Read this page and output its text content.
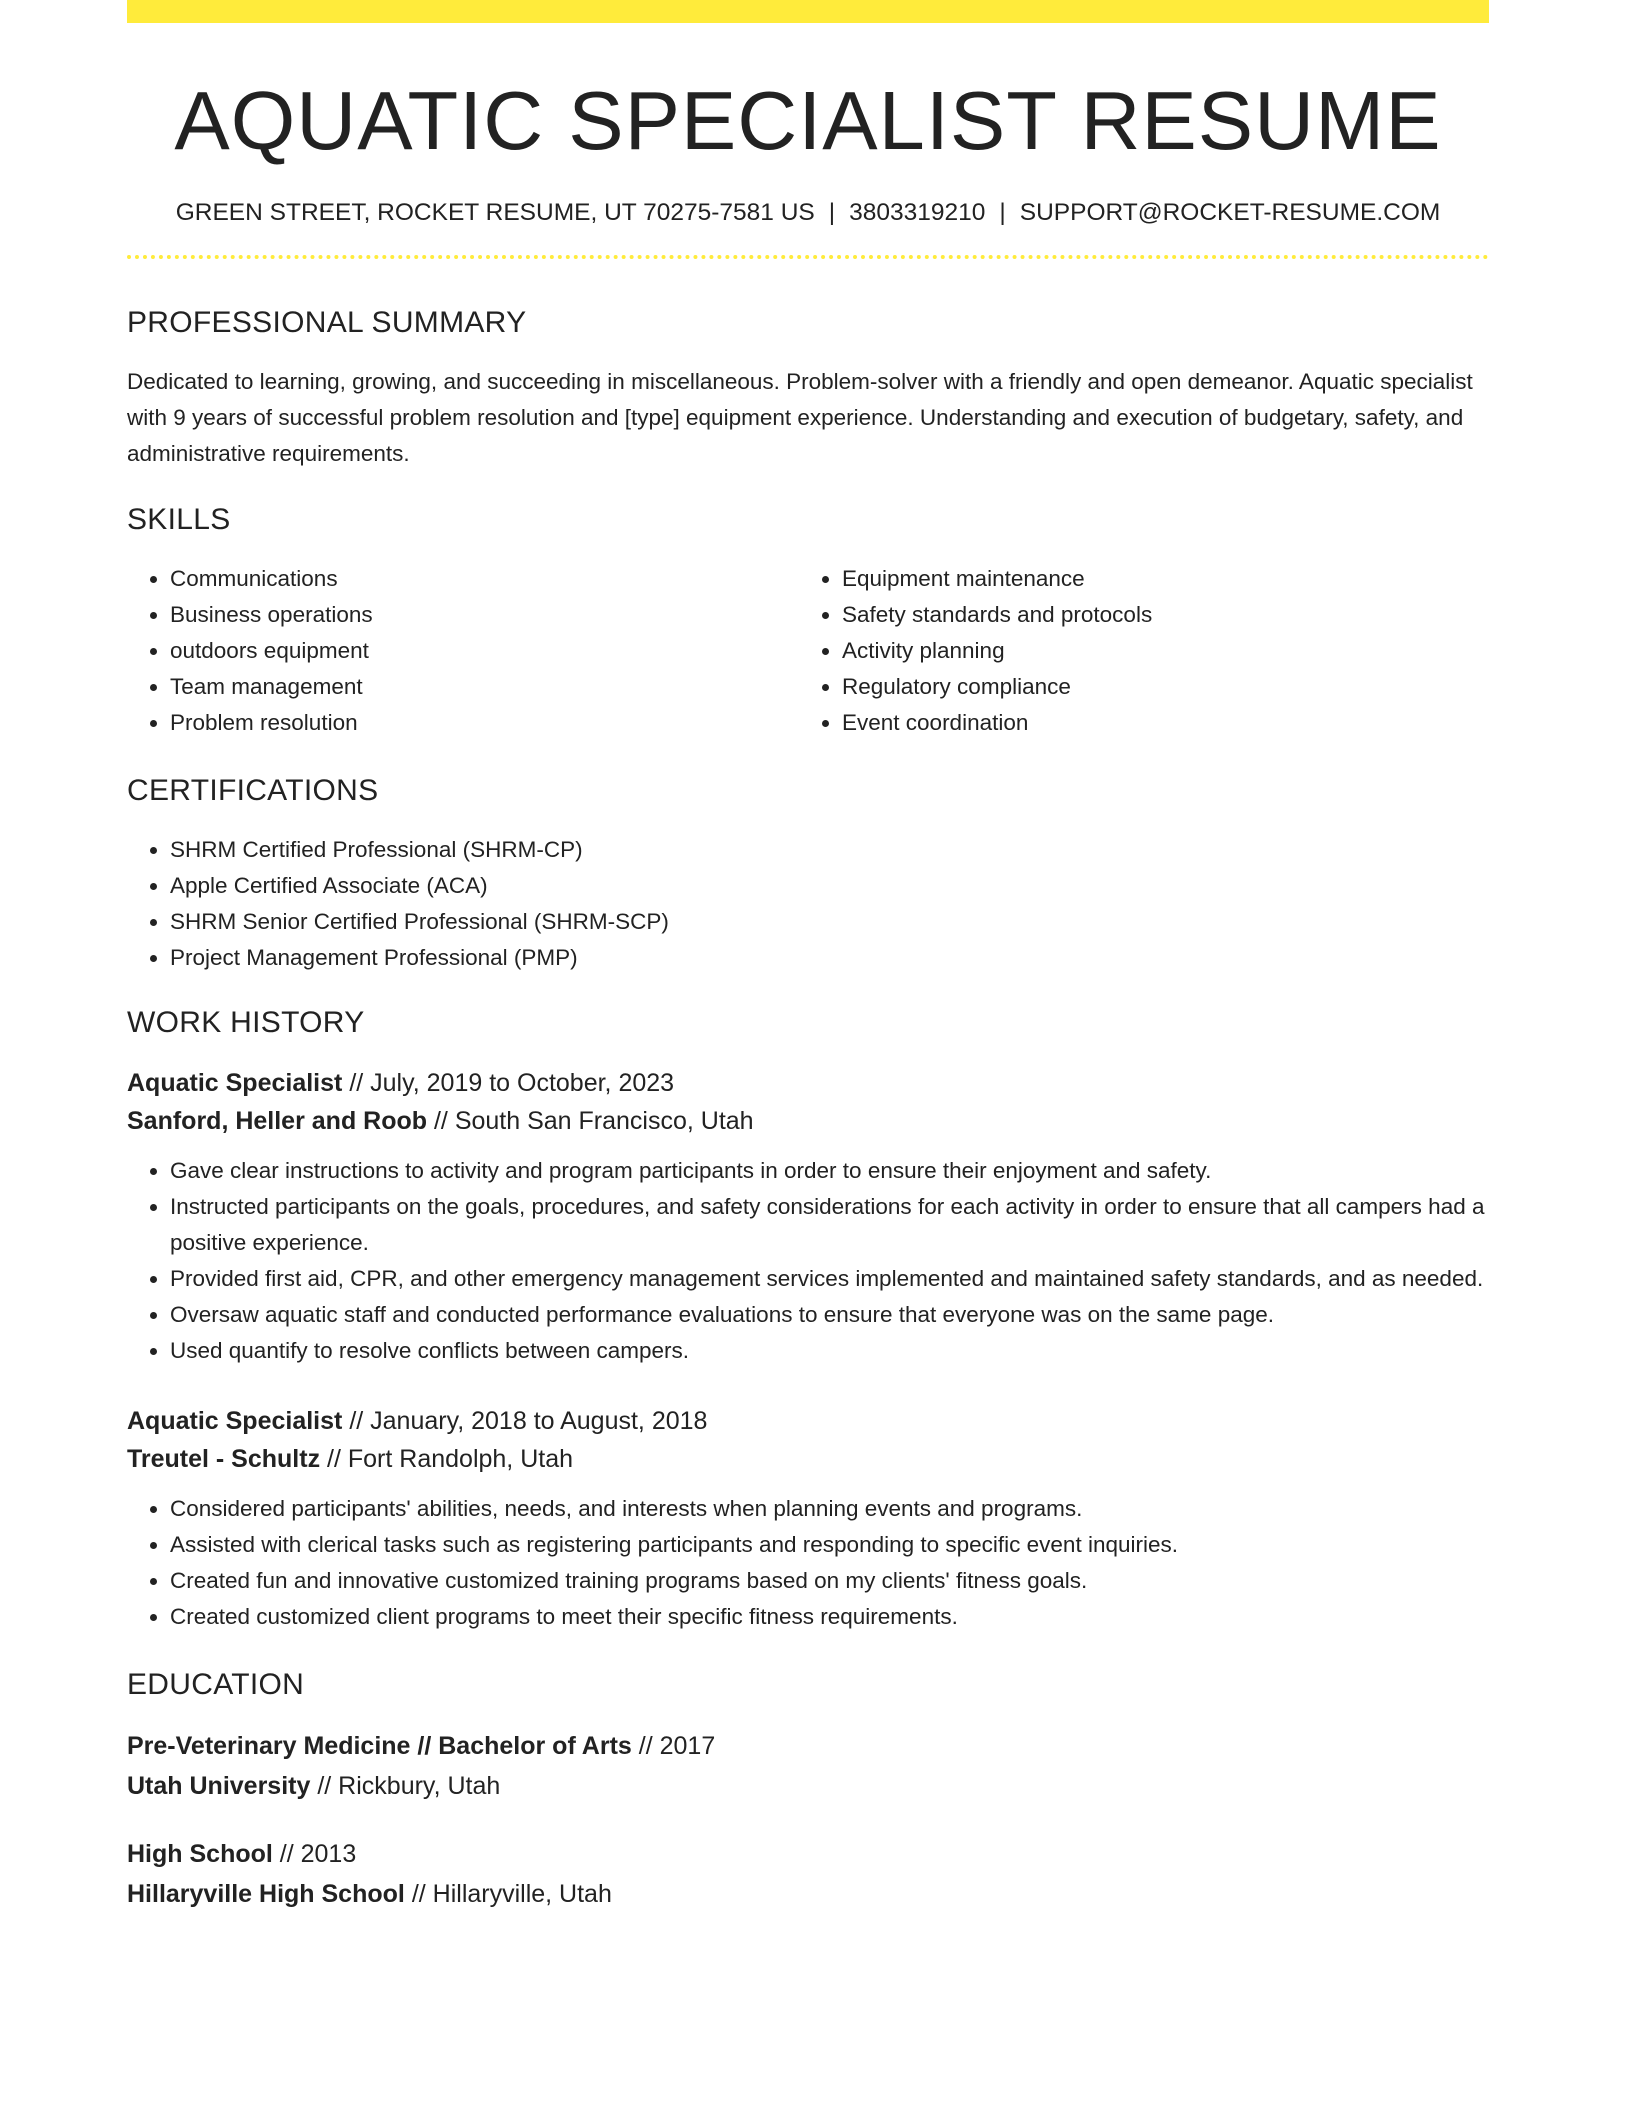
AQUATIC SPECIALIST RESUME
GREEN STREET, ROCKET RESUME, UT 70275-7581 US | 3803319210 | SUPPORT@ROCKET-RESUME.COM
PROFESSIONAL SUMMARY

Dedicated to learning, growing, and succeeding in miscellaneous. Problem-solver with a friendly and open demeanor. Aquatic specialist with 9 years of successful problem resolution and [type] equipment experience. Understanding and execution of budgetary, safety, and administrative requirements.

SKILLS
• Communications
• Business operations
• outdoors equipment
• Team management
• Problem resolution
• Equipment maintenance
• Safety standards and protocols
• Activity planning
• Regulatory compliance
• Event coordination
CERTIFICATIONS
• SHRM Certified Professional (SHRM-CP)
• Apple Certified Associate (ACA)
• SHRM Senior Certified Professional (SHRM-SCP)
• Project Management Professional (PMP)
WORK HISTORY
Aquatic Specialist // July, 2019 to October, 2023
Sanford, Heller and Roob // South San Francisco, Utah
• Gave clear instructions to activity and program participants in order to ensure their enjoyment and safety.
• Instructed participants on the goals, procedures, and safety considerations for each activity in order to ensure that all campers had a positive experience.
• Provided first aid, CPR, and other emergency management services implemented and maintained safety standards, and as needed.
• Oversaw aquatic staff and conducted performance evaluations to ensure that everyone was on the same page.
• Used quantify to resolve conflicts between campers.
Aquatic Specialist // January, 2018 to August, 2018
Treutel - Schultz // Fort Randolph, Utah
• Considered participants' abilities, needs, and interests when planning events and programs.
• Assisted with clerical tasks such as registering participants and responding to specific event inquiries.
• Created fun and innovative customized training programs based on my clients' fitness goals.
• Created customized client programs to meet their specific fitness requirements.
EDUCATION
Pre-Veterinary Medicine // Bachelor of Arts // 2017
Utah University // Rickbury, Utah
High School // 2013
Hillaryville High School // Hillaryville, Utah
